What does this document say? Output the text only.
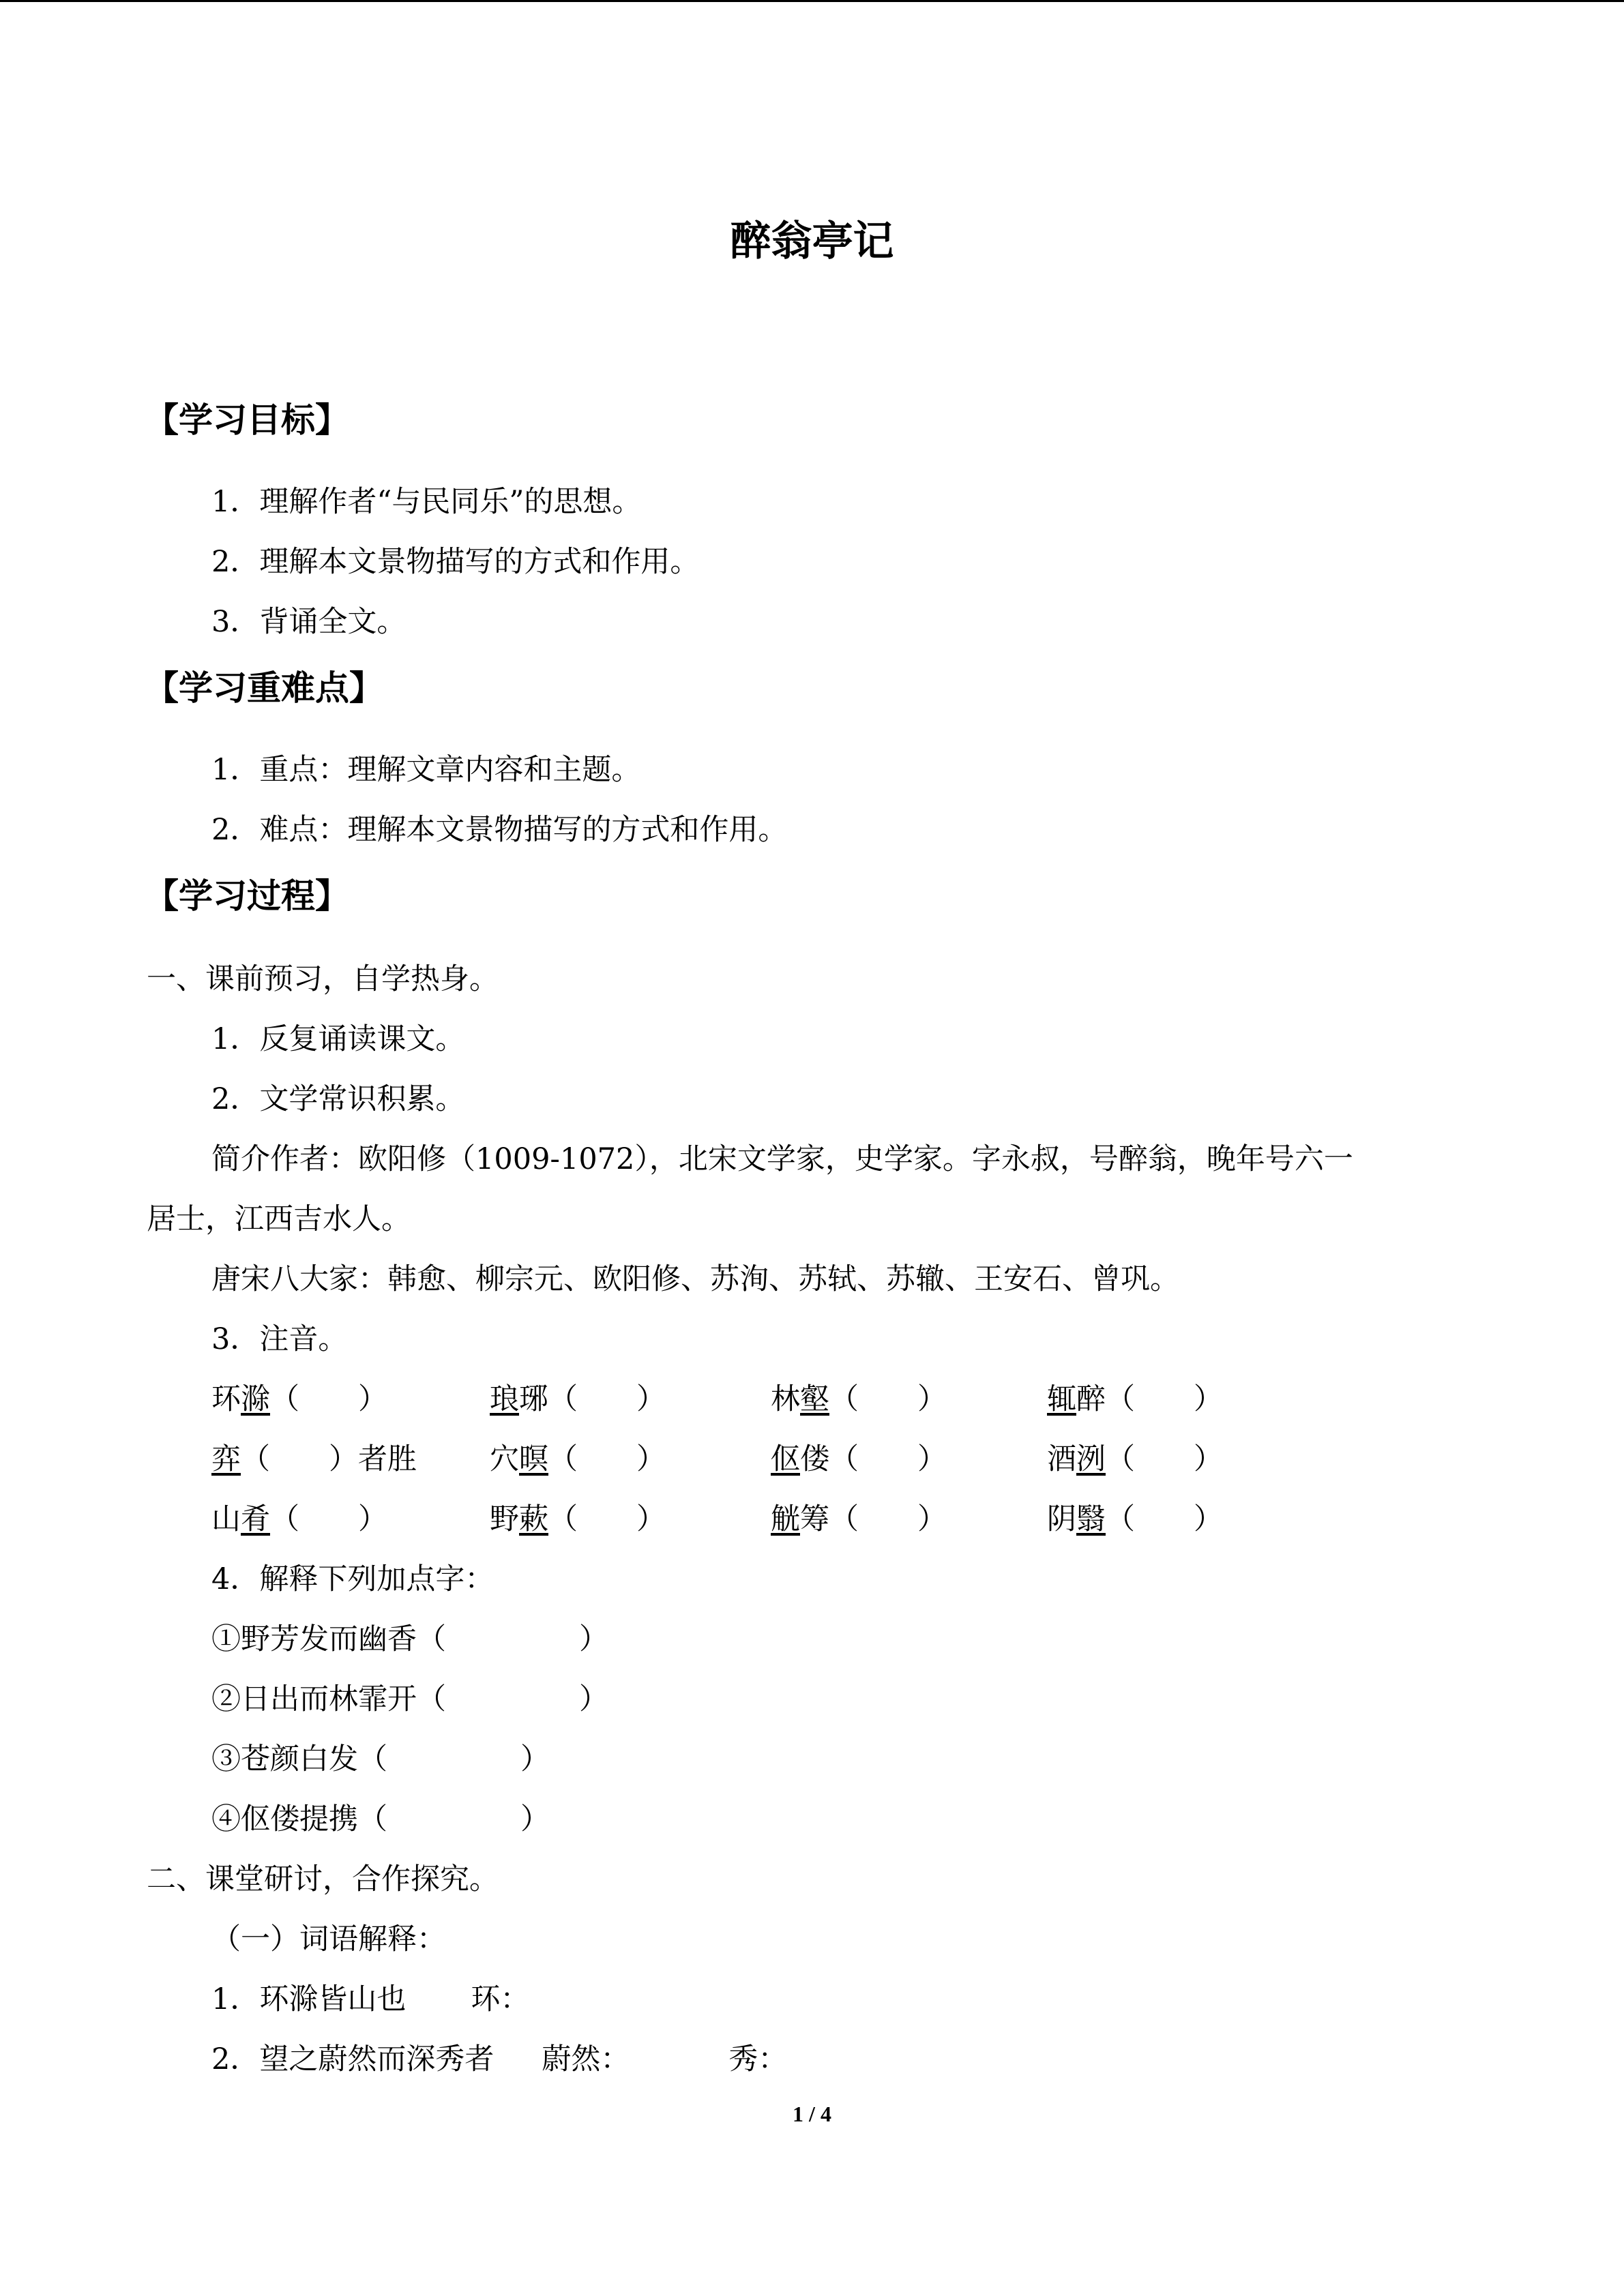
醉翁亭记
【学习目标】
1．理解作者“与民同乐”的思想。
2．理解本文景物描写的方式和作用。
3．背诵全文。
【学习重难点】
1．重点：理解文章内容和主题。
2．难点：理解本文景物描写的方式和作用。
【学习过程】
一、课前预习，自学热身。
1．反复诵读课文。
2．文学常识积累。
简介作者：欧阳修（1009-1072），北宋文学家，史学家。字永叔，号醉翁，晚年号六一
居士，江西吉水人。
唐宋八大家：韩愈、柳宗元、欧阳修、苏洵、苏轼、苏辙、王安石、曾巩。
3．注音。
环滁（　　）	琅琊（　　）	林壑（　　）	辄醉（　　）
弈（　　）者胜 穴暝（　　）	伛偻（　　）	酒洌（　　）
山肴（　　）	野蔌（　　）	觥筹（　　）	阴翳（　　）
4．解释下列加点字：
①野芳发而幽香（	）
②日出而林霏开（	）
③苍颜白发（	）
④伛偻提携（	）
二、课堂研讨，合作探究。
（一）词语解释：
1．环滁皆山也 环：
2．望之蔚然而深秀者 蔚然：	秀：
1 / 4
